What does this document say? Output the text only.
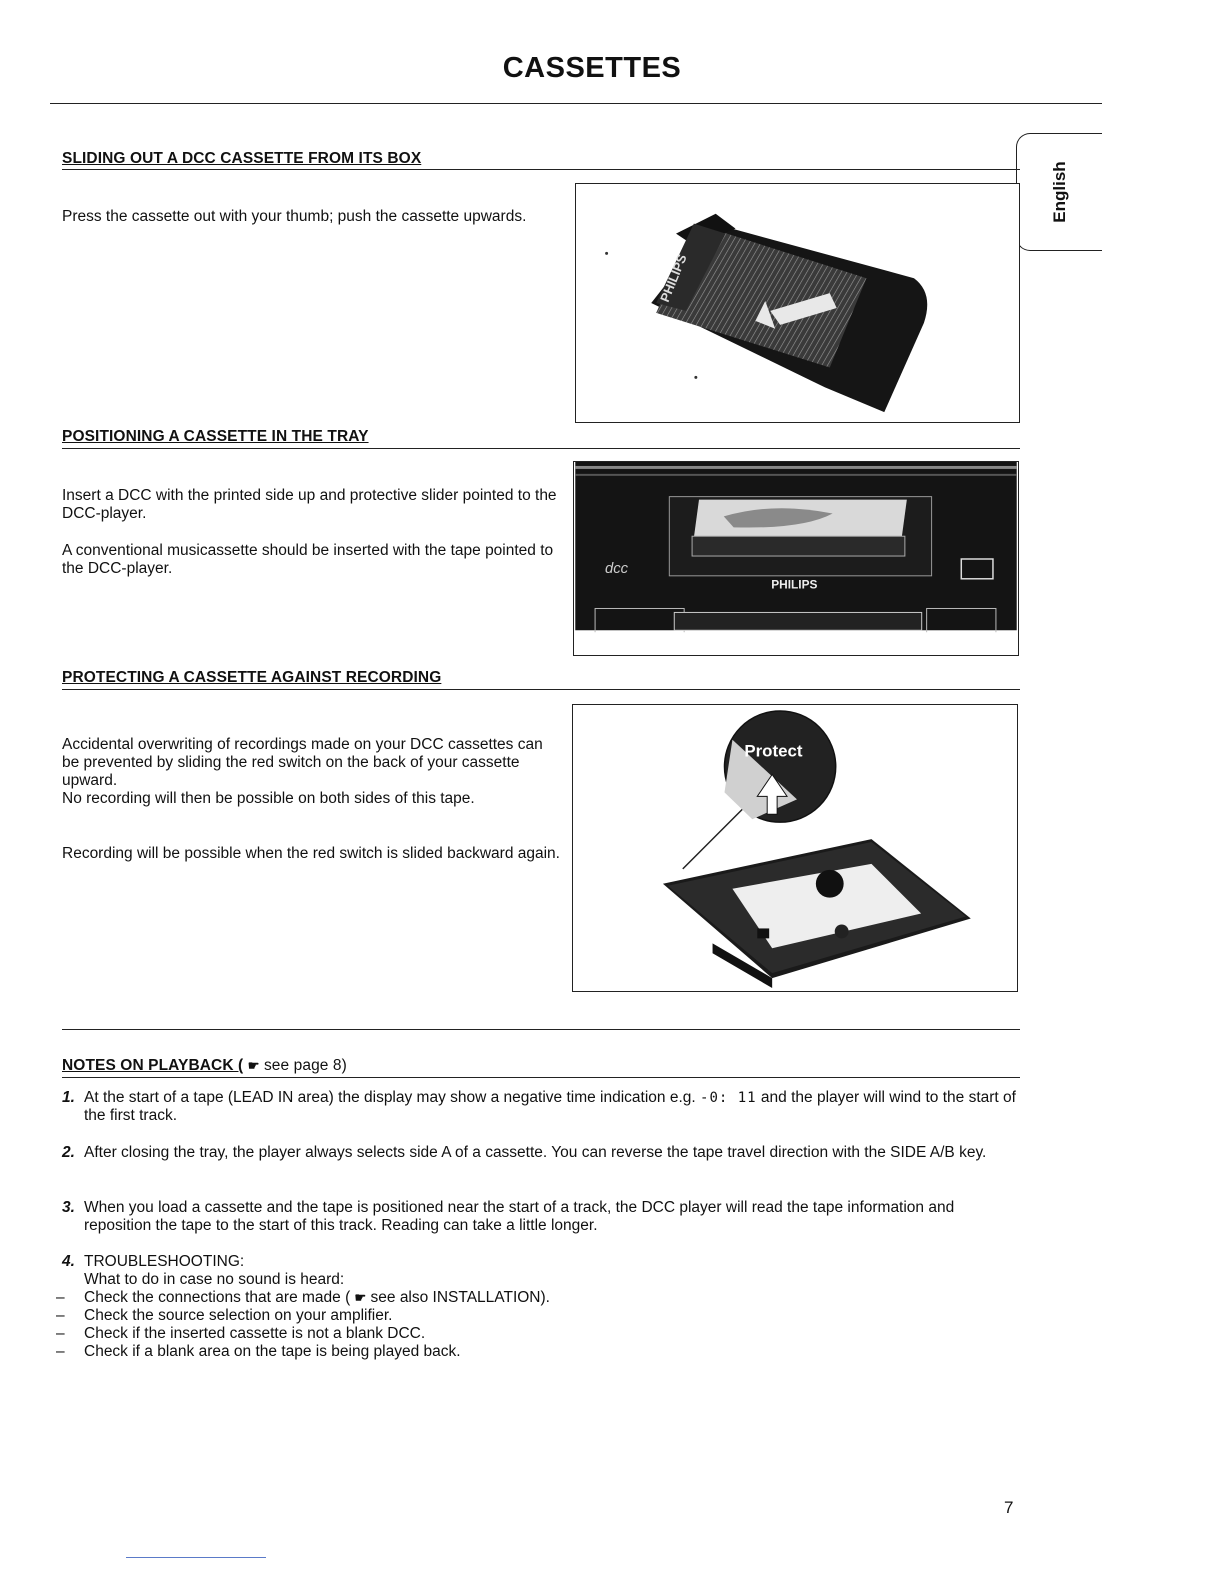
CASSETTES
English
SLIDING OUT A DCC CASSETTE FROM ITS BOX

Press the cassette out with your thumb; push the cassette upwards.

PHILIPS
POSITIONING A CASSETTE IN THE TRAY

Insert a DCC with the printed side up and protective slider pointed to the DCC-player.

A conventional musicassette should be inserted with the tape pointed to the DCC-player.	dcc
PHILIPS
PROTECTING A CASSETTE AGAINST RECORDING

Accidental overwriting of recordings made on your DCC cassettes can be prevented by sliding the red switch on the back of your cassette upward.
No recording will then be possible on both sides of this tape.

Recording will be possible when the red switch is slided backward again.

Protect
NOTES ON PLAYBACK ( ☛ see page 8)
1. At the start of a tape (LEAD IN area) the display may show a negative time indication e.g. -0: 11 and the player will wind to the start of the first track.
2. After closing the tray, the player always selects side A of a cassette. You can reverse the tape travel direction with the SIDE A/B key.
3. When you load a cassette and the tape is positioned near the start of a track, the DCC player will read the tape information and reposition the tape to the start of this track. Reading can take a little longer.
4. TROUBLESHOOTING:
What to do in case no sound is heard:
– Check the connections that are made ( ☛ see also INSTALLATION).
– Check the source selection on your amplifier.
– Check if the inserted cassette is not a blank DCC.
– Check if a blank area on the tape is being played back.
7
